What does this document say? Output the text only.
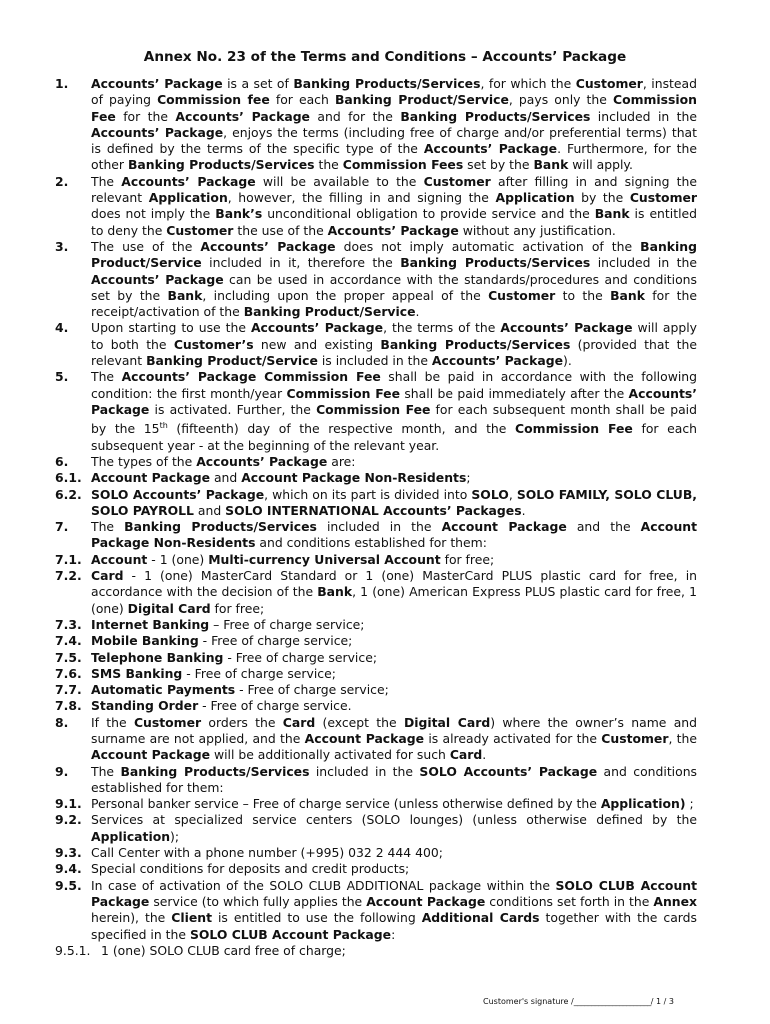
Annex No. 23 of the Terms and Conditions – Accounts’ Package
1.	Accounts’ Package is a set of Banking Products/Services, for which the Customer, instead of paying Commission fee for each Banking Product/Service, pays only the Commission Fee for the Accounts’ Package and for the Banking Products/Services included in the Accounts’ Package, enjoys the terms (including free of charge and/or preferential terms) that is defined by the terms of the specific type of the Accounts’ Package. Furthermore, for the other Banking Products/Services the Commission Fees set by the Bank will apply.
2.	The Accounts’ Package will be available to the Customer after filling in and signing the relevant Application, however, the filling in and signing the Application by the Customer does not imply the Bank’s unconditional obligation to provide service and the Bank is entitled to deny the Customer the use of the Accounts’ Package without any justification.
3.	The use of the Accounts’ Package does not imply automatic activation of the Banking Product/Service included in it, therefore the Banking Products/Services included in the Accounts’ Package can be used in accordance with the standards/procedures and conditions set by the Bank, including upon the proper appeal of the Customer to the Bank for the receipt/activation of the Banking Product/Service.
4.	Upon starting to use the Accounts’ Package, the terms of the Accounts’ Package will apply to both the Customer’s new and existing Banking Products/Services (provided that the relevant Banking Product/Service is included in the Accounts’ Package).
5.	The Accounts’ Package Commission Fee shall be paid in accordance with the following condition: the first month/year Commission Fee shall be paid immediately after the Accounts’ Package is activated. Further, the Commission Fee for each subsequent month shall be paid by the 15th (fifteenth) day of the respective month, and the Commission Fee for each subsequent year - at the beginning of the relevant year.
6.	The types of the Accounts’ Package are:
6.1. Account Package and Account Package Non-Residents;
6.2. SOLO Accounts’ Package, which on its part is divided into SOLO, SOLO FAMILY, SOLO CLUB, SOLO PAYROLL and SOLO INTERNATIONAL Accounts’ Packages.
7.	The Banking Products/Services included in the Account Package and the Account Package Non-Residents and conditions established for them:
7.1. Account - 1 (one) Multi-currency Universal Account for free;
7.2. Card - 1 (one) MasterCard Standard or 1 (one) MasterCard PLUS plastic card for free, in accordance with the decision of the Bank, 1 (one) American Express PLUS plastic card for free, 1 (one) Digital Card for free;
7.3. Internet Banking – Free of charge service;
7.4. Mobile Banking - Free of charge service;
7.5. Telephone Banking - Free of charge service;
7.6. SMS Banking - Free of charge service;
7.7. Automatic Payments - Free of charge service;
7.8. Standing Order - Free of charge service.
8.	If the Customer orders the Card (except the Digital Card) where the owner’s name and surname are not applied, and the Account Package is already activated for the Customer, the Account Package will be additionally activated for such Card.
9.	The Banking Products/Services included in the SOLO Accounts’ Package and conditions established for them:
9.1. Personal banker service – Free of charge service (unless otherwise defined by the Application) ;
9.2. Services at specialized service centers (SOLO lounges) (unless otherwise defined by the Application);
9.3. Call Center with a phone number (+995) 032 2 444 400;
9.4. Special conditions for deposits and credit products;
9.5. In case of activation of the SOLO CLUB ADDITIONAL package within the SOLO CLUB Account Package service (to which fully applies the Account Package conditions set forth in the Annex herein), the Client is entitled to use the following Additional Cards together with the cards specified in the SOLO CLUB Account Package:
9.5.1. 1 (one) SOLO CLUB card free of charge;
Customer's signature /______________________/ 1 / 3
